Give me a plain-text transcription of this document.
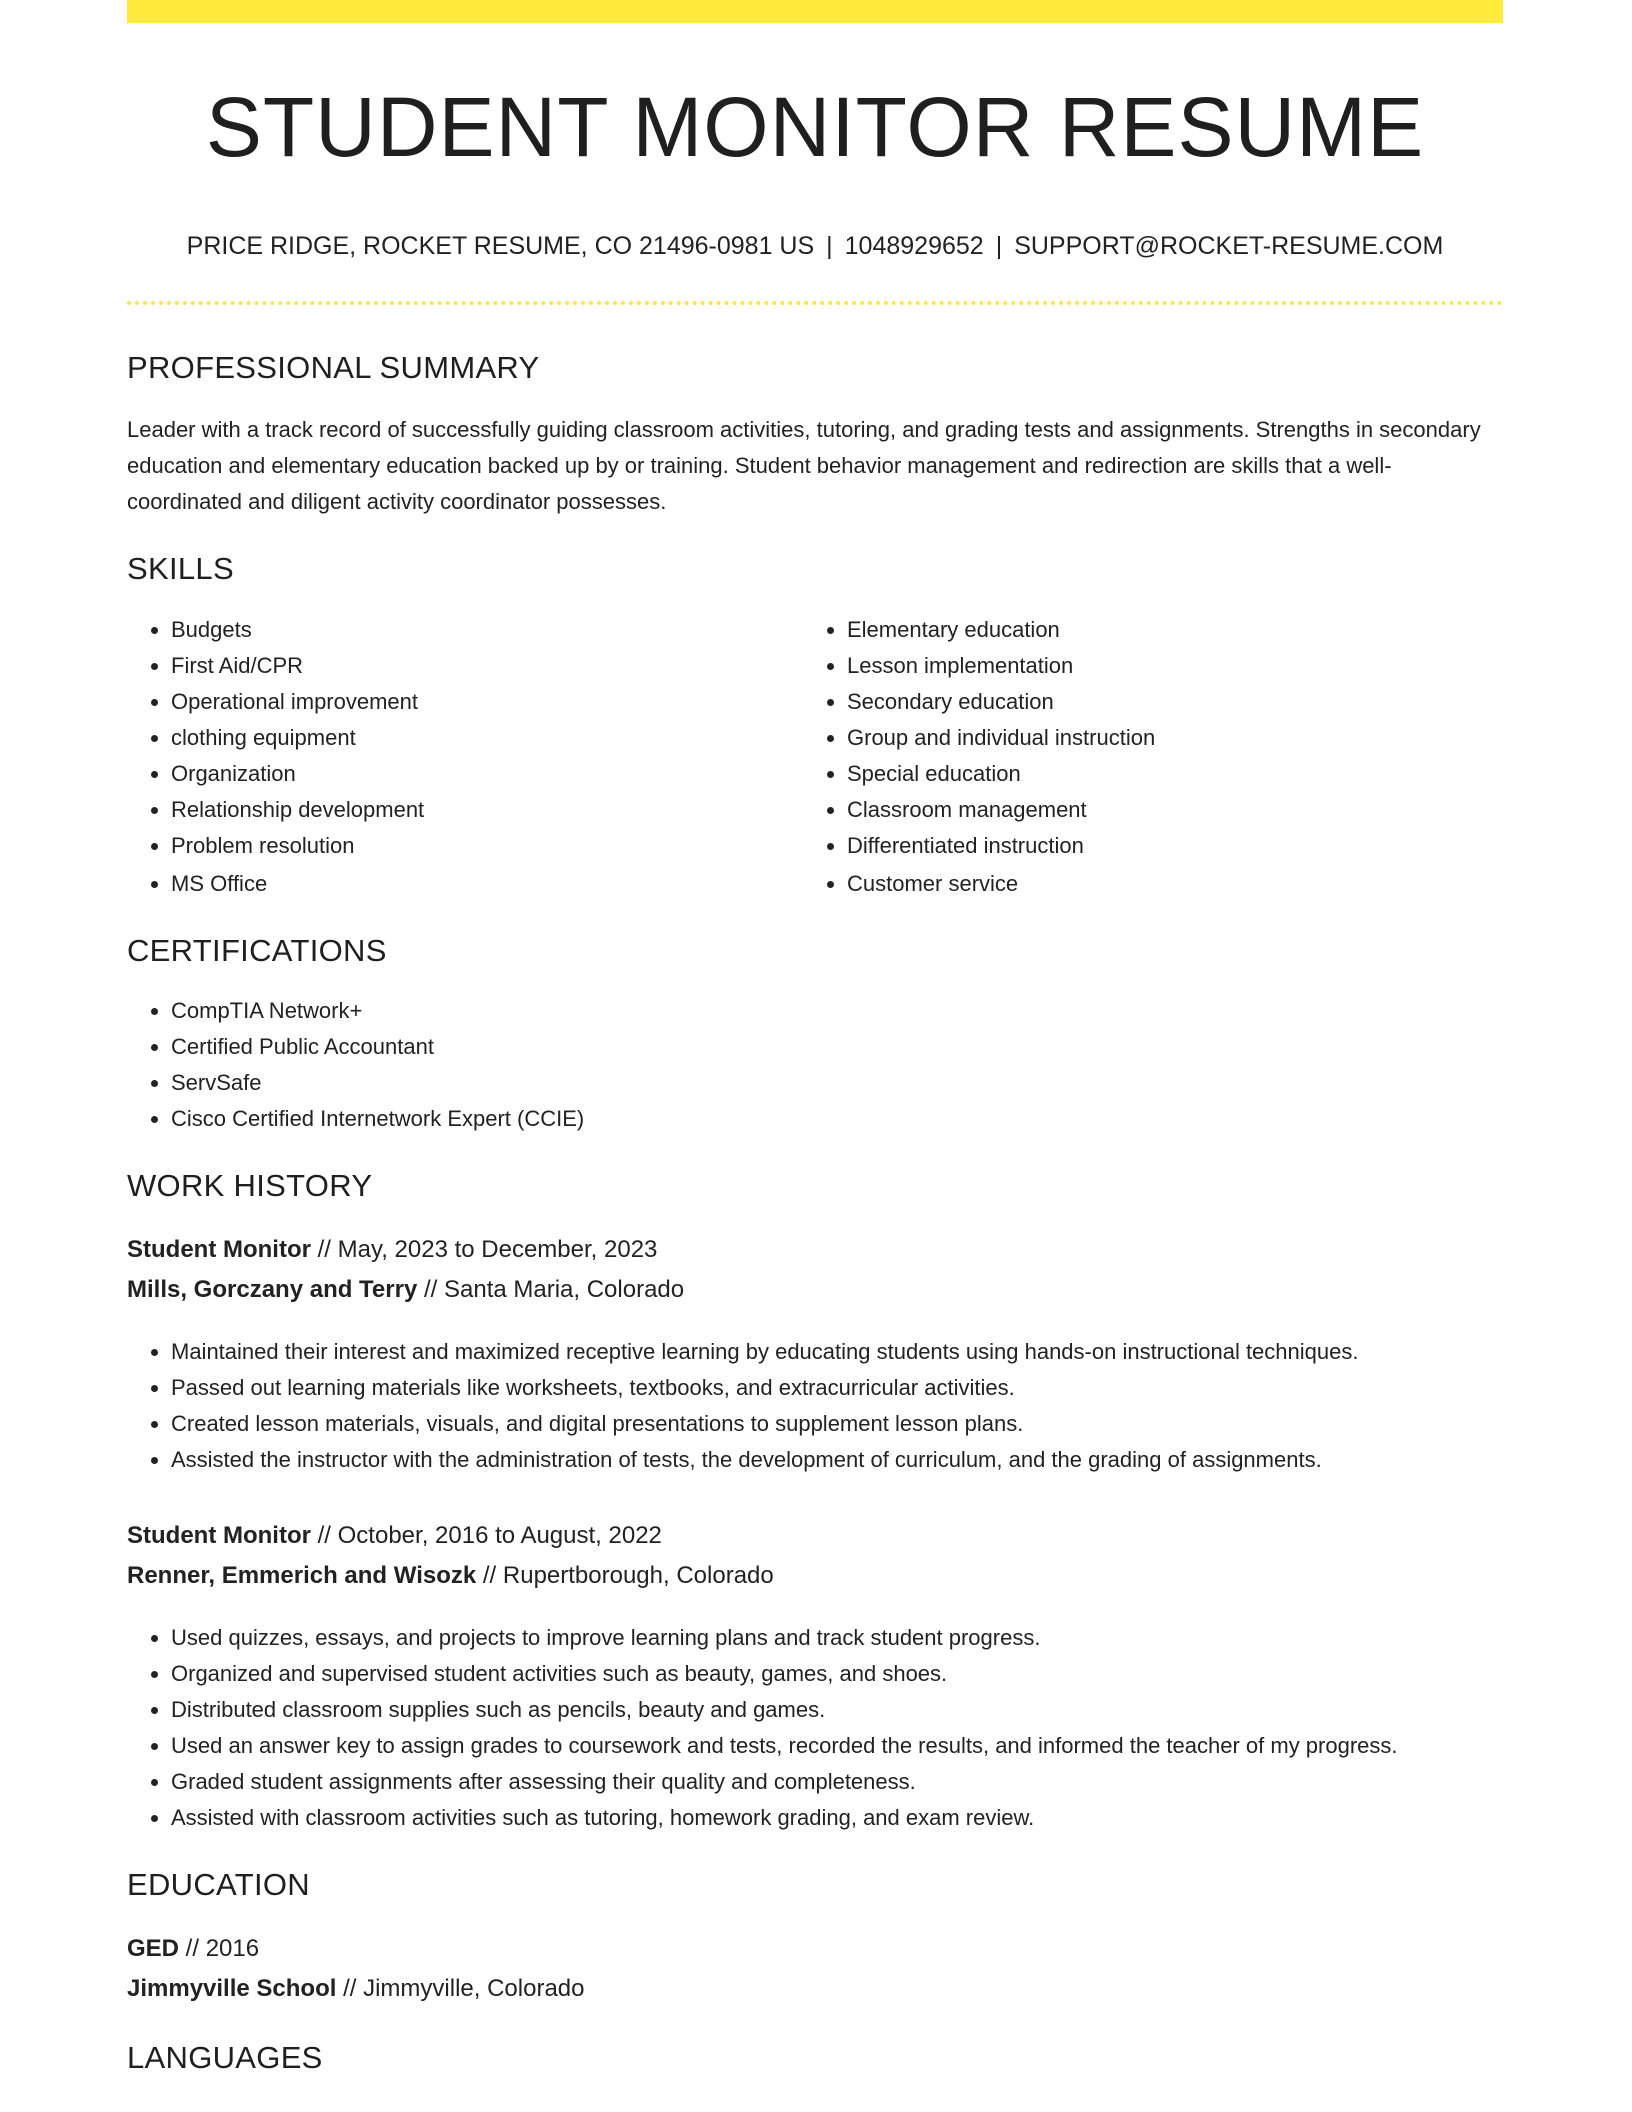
STUDENT MONITOR RESUME
PRICE RIDGE, ROCKET RESUME, CO 21496-0981 US | 1048929652 | SUPPORT@ROCKET-RESUME.COM
PROFESSIONAL SUMMARY
Leader with a track record of successfully guiding classroom activities, tutoring, and grading tests and assignments. Strengths in secondary education and elementary education backed up by or training. Student behavior management and redirection are skills that a well-coordinated and diligent activity coordinator possesses.
SKILLS
• Budgets
• First Aid/CPR
• Operational improvement
• clothing equipment
• Organization
• Relationship development
• Problem resolution
• MS Office
• Elementary education
• Lesson implementation
• Secondary education
• Group and individual instruction
• Special education
• Classroom management
• Differentiated instruction
• Customer service
CERTIFICATIONS
• CompTIA Network+
• Certified Public Accountant
• ServSafe
• Cisco Certified Internetwork Expert (CCIE)
WORK HISTORY
Student Monitor // May, 2023 to December, 2023
Mills, Gorczany and Terry // Santa Maria, Colorado
• Maintained their interest and maximized receptive learning by educating students using hands-on instructional techniques.
• Passed out learning materials like worksheets, textbooks, and extracurricular activities.
• Created lesson materials, visuals, and digital presentations to supplement lesson plans.
• Assisted the instructor with the administration of tests, the development of curriculum, and the grading of assignments.
Student Monitor // October, 2016 to August, 2022
Renner, Emmerich and Wisozk // Rupertborough, Colorado
• Used quizzes, essays, and projects to improve learning plans and track student progress.
• Organized and supervised student activities such as beauty, games, and shoes.
• Distributed classroom supplies such as pencils, beauty and games.
• Used an answer key to assign grades to coursework and tests, recorded the results, and informed the teacher of my progress.
• Graded student assignments after assessing their quality and completeness.
• Assisted with classroom activities such as tutoring, homework grading, and exam review.
EDUCATION
GED // 2016
Jimmyville School // Jimmyville, Colorado
LANGUAGES
